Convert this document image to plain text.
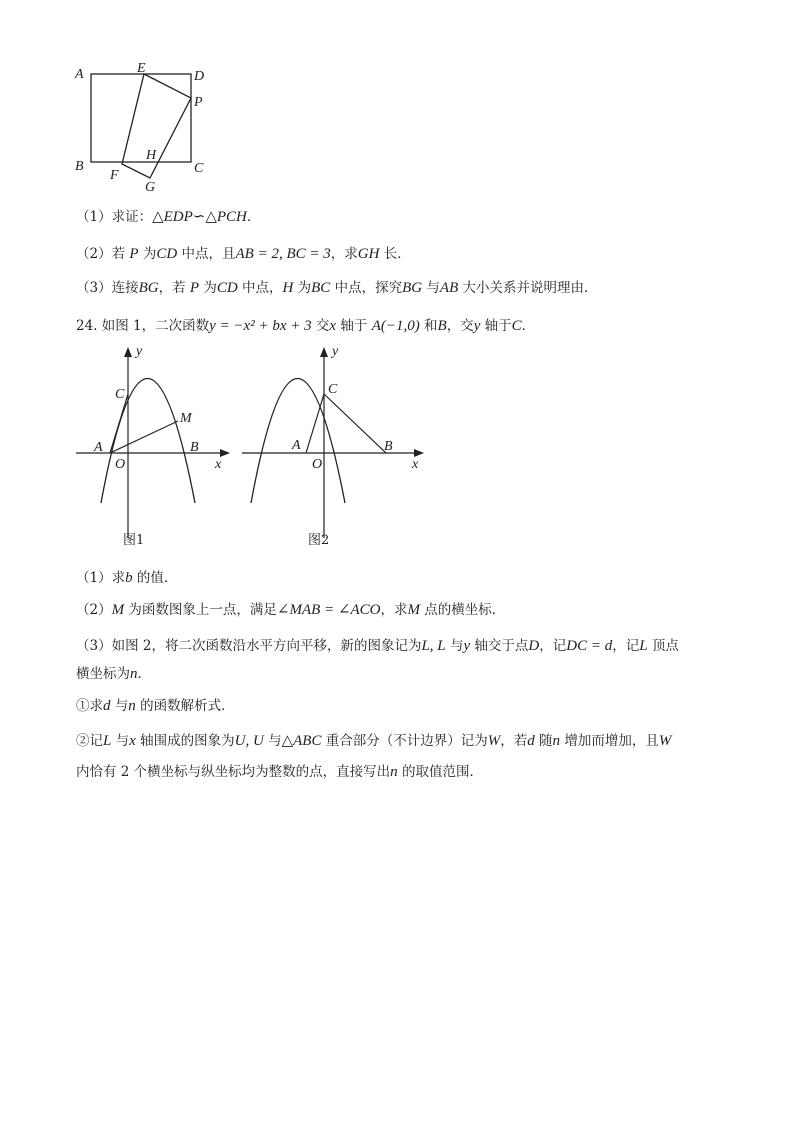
A	E
D
P
B
F
H
G
C
（1）求证：△EDP∽△PCH．
（2）若 P 为CD 中点，且AB = 2, BC = 3，求GH 长．
（3）连接BG，若 P 为CD 中点，H 为BC 中点，探究BG 与AB 大小关系并说明理由．
24. 如图 1，二次函数y = −x² + bx + 3 交x 轴于 A(−1,0) 和B，交y 轴于C．
y
C
M
A
O
B
x
图1
y
C
A
O
B
x
图2
（1）求b 的值．
（2）M 为函数图象上一点，满足∠MAB = ∠ACO，求M 点的横坐标．
（3）如图 2，将二次函数沿水平方向平移，新的图象记为L, L 与y 轴交于点D，记DC = d，记L 顶点
横坐标为n．
①求d 与n 的函数解析式．
②记L 与x 轴围成的图象为U, U 与△ABC 重合部分（不计边界）记为W，若d 随n 增加而增加，且W
内恰有 2 个横坐标与纵坐标均为整数的点，直接写出n 的取值范围．
